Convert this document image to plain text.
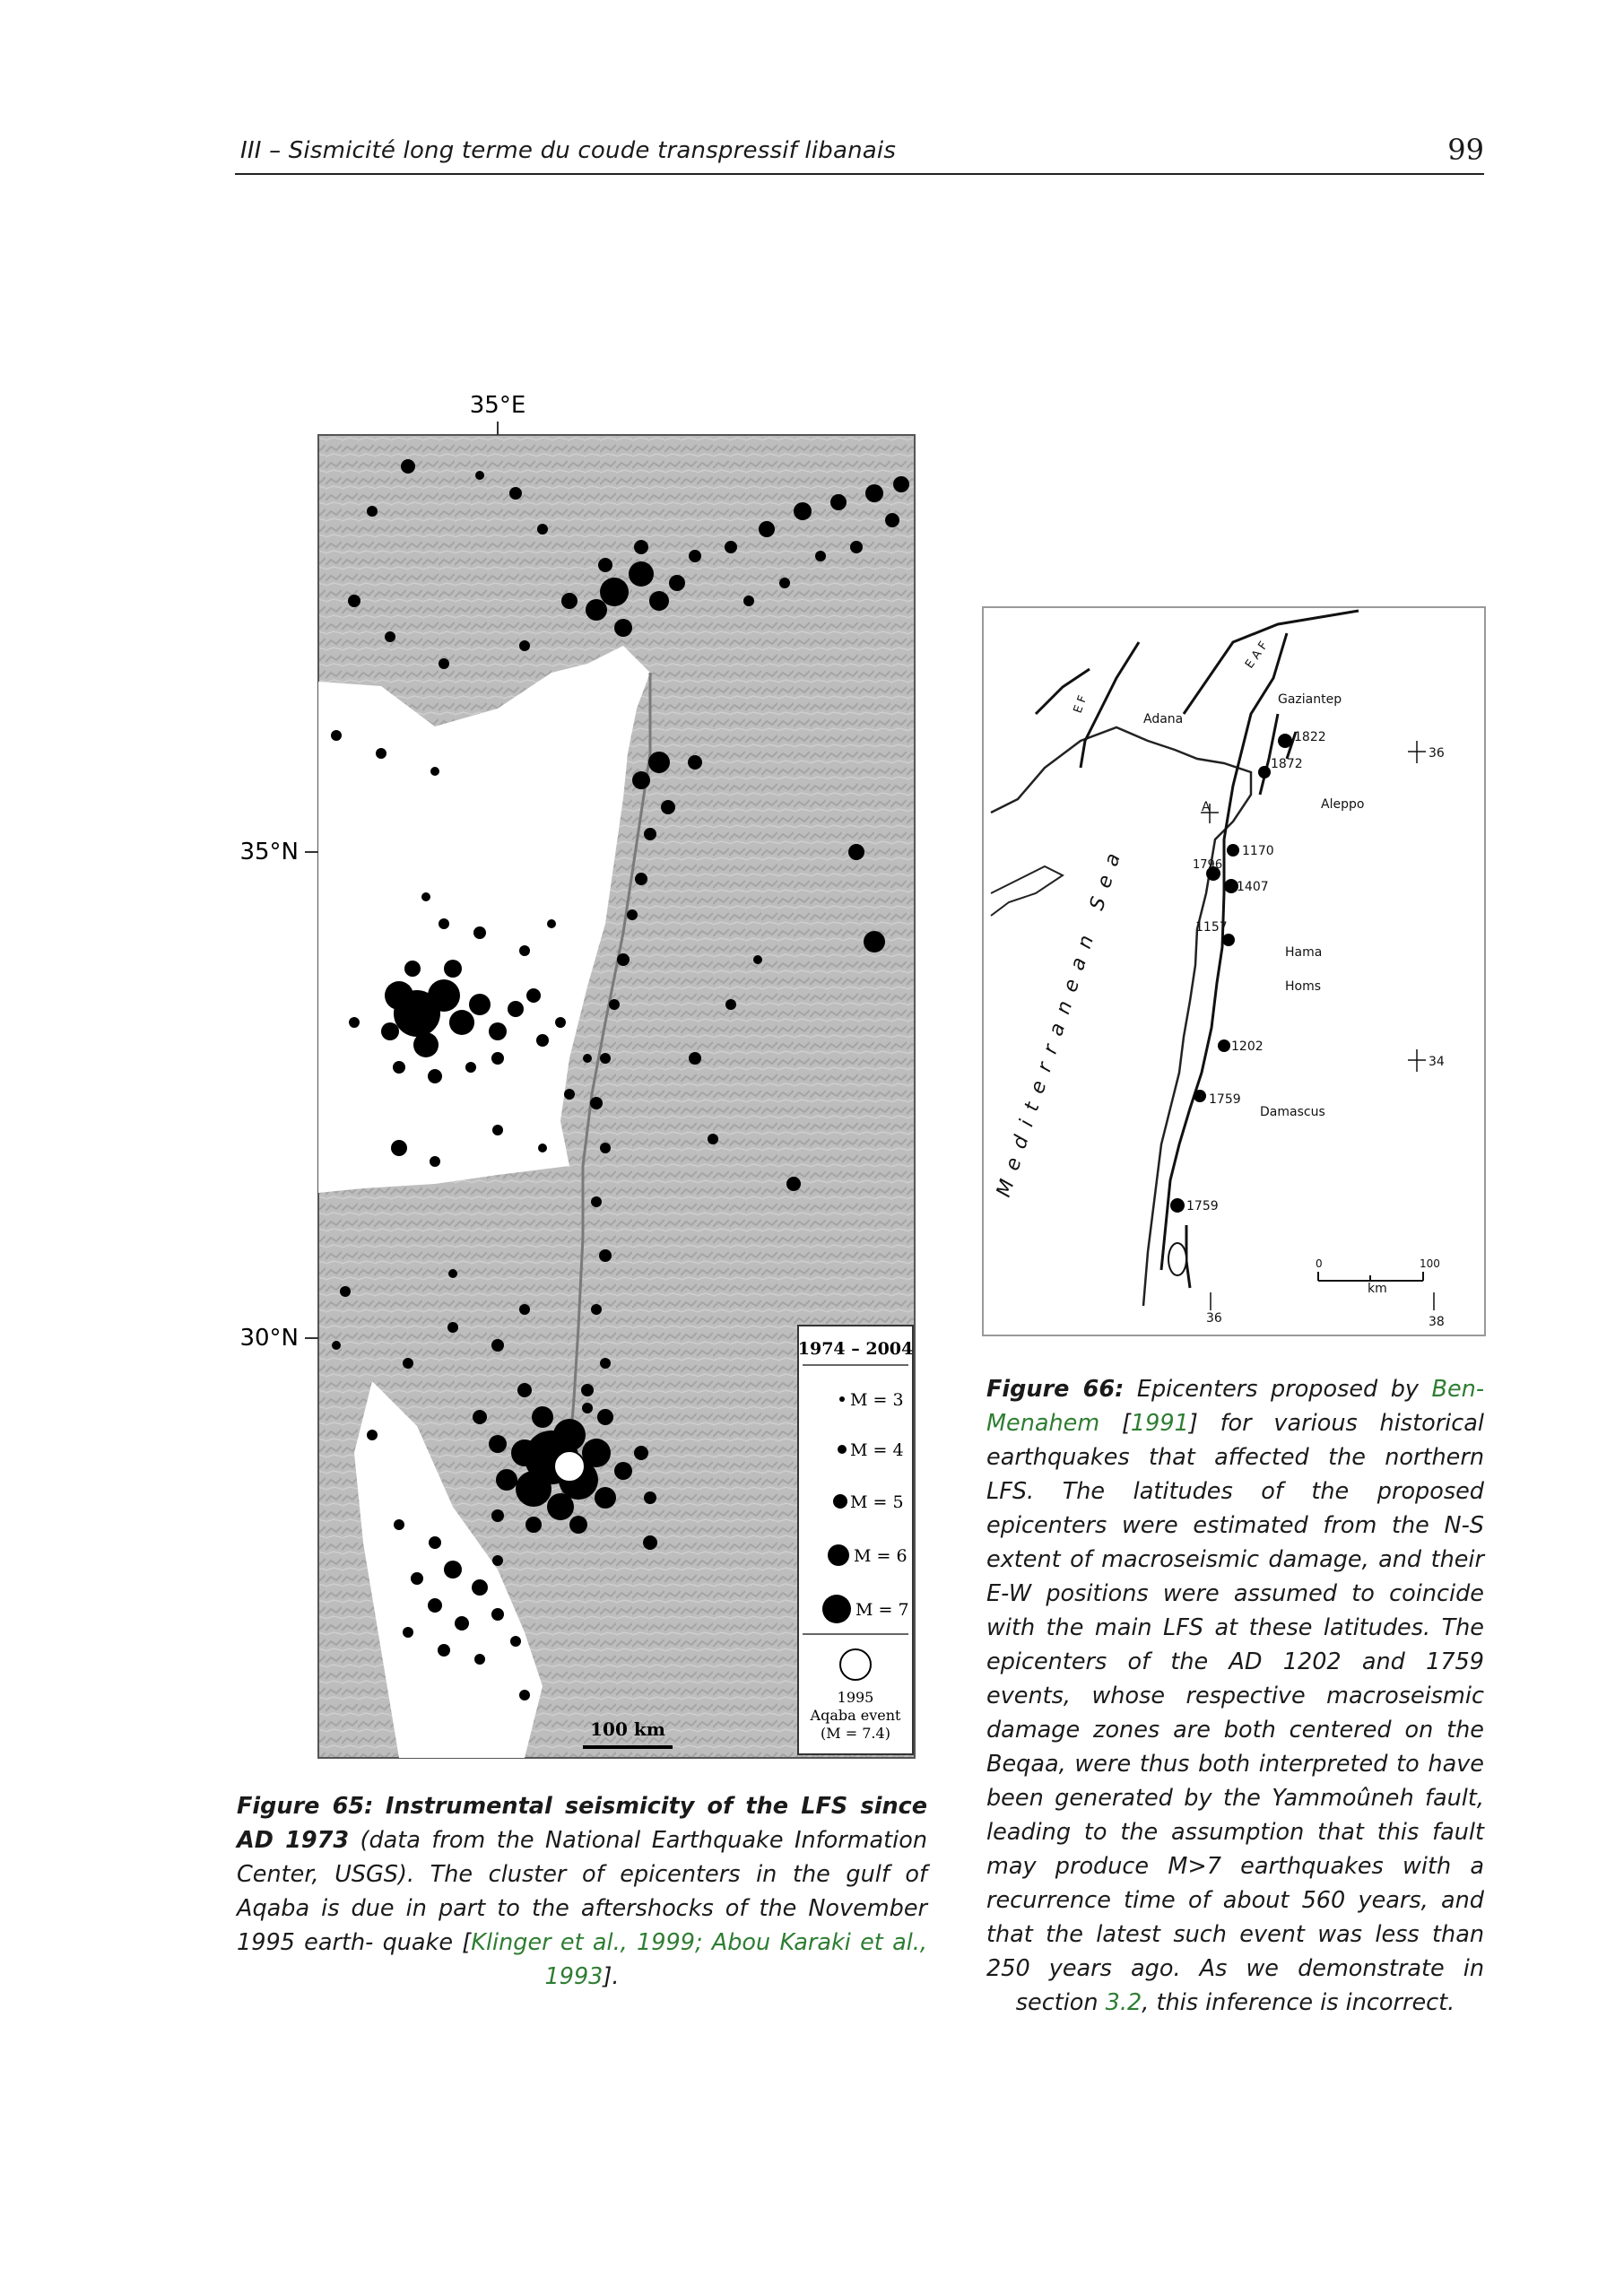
III – Sismicité long terme du coude transpressif libanais	99
35°E
35°N
30°N
100 km
1974 – 2004
M = 3
M = 4
M = 5
M = 6
M = 7
1995
Aqaba event
(M = 7.4)
Adana
Gaziantep
Aleppo
Hama
Homs
Damascus
1822
1872
1170
1796
1407
1157
1202
1759
1759
A
36
34
36	38
0	100
km
E F
E A F
Mediterranean Sea
Figure 65: Instrumental seismicity of the LFS since AD 1973 (data from the National Earthquake Information Center, USGS). The cluster of epicenters in the gulf of Aqaba is due in part to the aftershocks of the November 1995 earth- quake [Klinger et al., 1999; Abou Karaki et al., 1993].
Figure 66: Epicenters proposed by Ben-Menahem [1991] for various historical earthquakes that affected the northern LFS. The latitudes of the proposed epicenters were estimated from the N-S extent of macroseismic damage, and their E-W positions were assumed to coincide with the main LFS at these latitudes. The epicenters of the AD 1202 and 1759 events, whose respective macroseismic damage zones are both centered on the Beqaa, were thus both interpreted to have been generated by the Yammoûneh fault, leading to the assumption that this fault may produce M>7 earthquakes with a recurrence time of about 560 years, and that the latest such event was less than 250 years ago. As we demonstrate in section 3.2, this inference is incorrect.
